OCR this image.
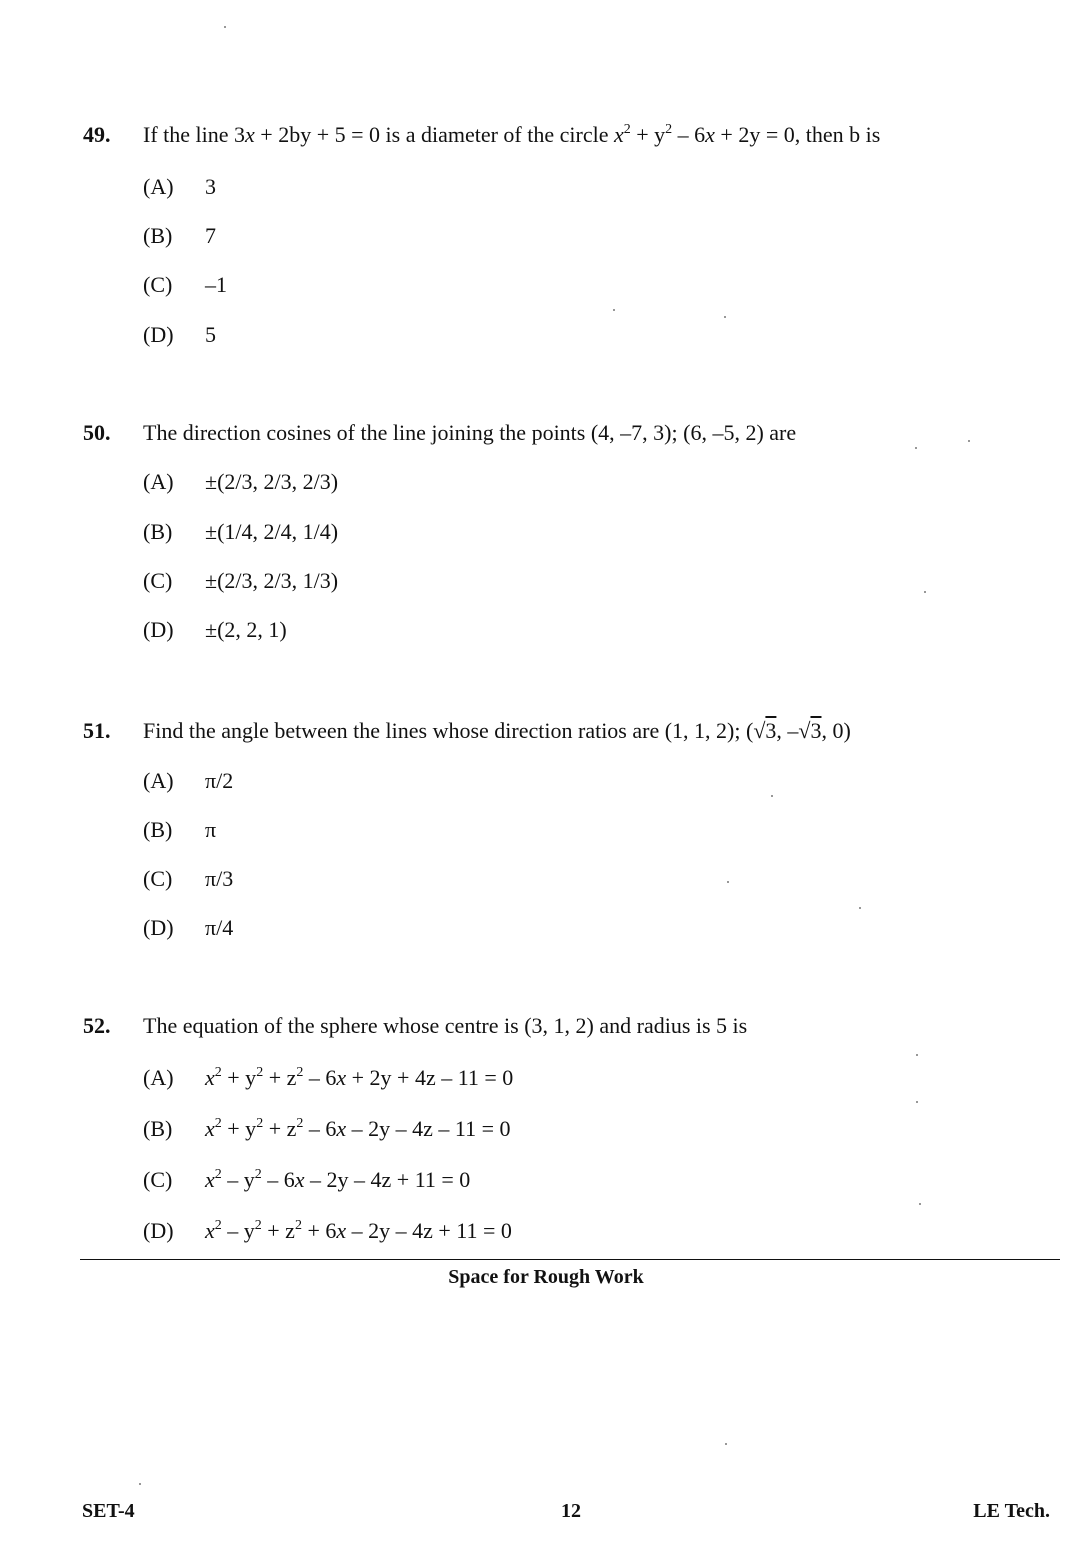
49. If the line 3x + 2by + 5 = 0 is a diameter of the circle $x^2 + y^2 - 6x + 2y = 0$, then b is
(A) 3
(B) 7
(C) –1
(D) 5
50. The direction cosines of the line joining the points (4, –7, 3); (6, –5, 2) are
(A) ±(2/3, 2/3, 2/3)
(B) ±(1/4, 2/4, 1/4)
(C) ±(2/3, 2/3, 1/3)
(D) ±(2, 2, 1)
51. Find the angle between the lines whose direction ratios are (1, 1, 2); (√3, –√3, 0)
(A) π/2
(B) π
(C) π/3
(D) π/4
52. The equation of the sphere whose centre is (3, 1, 2) and radius is 5 is
(A) $x^2 + y^2 + z^2 - 6x + 2y + 4z - 11 = 0$
(B) $x^2 + y^2 + z^2 - 6x - 2y - 4z - 11 = 0$
(C) $x^2 - y^2 - 6x - 2y - 4z + 11 = 0$
(D) $x^2 - y^2 + z^2 + 6x - 2y - 4z + 11 = 0$
Space for Rough Work
SET-4	12	LE Tech.
